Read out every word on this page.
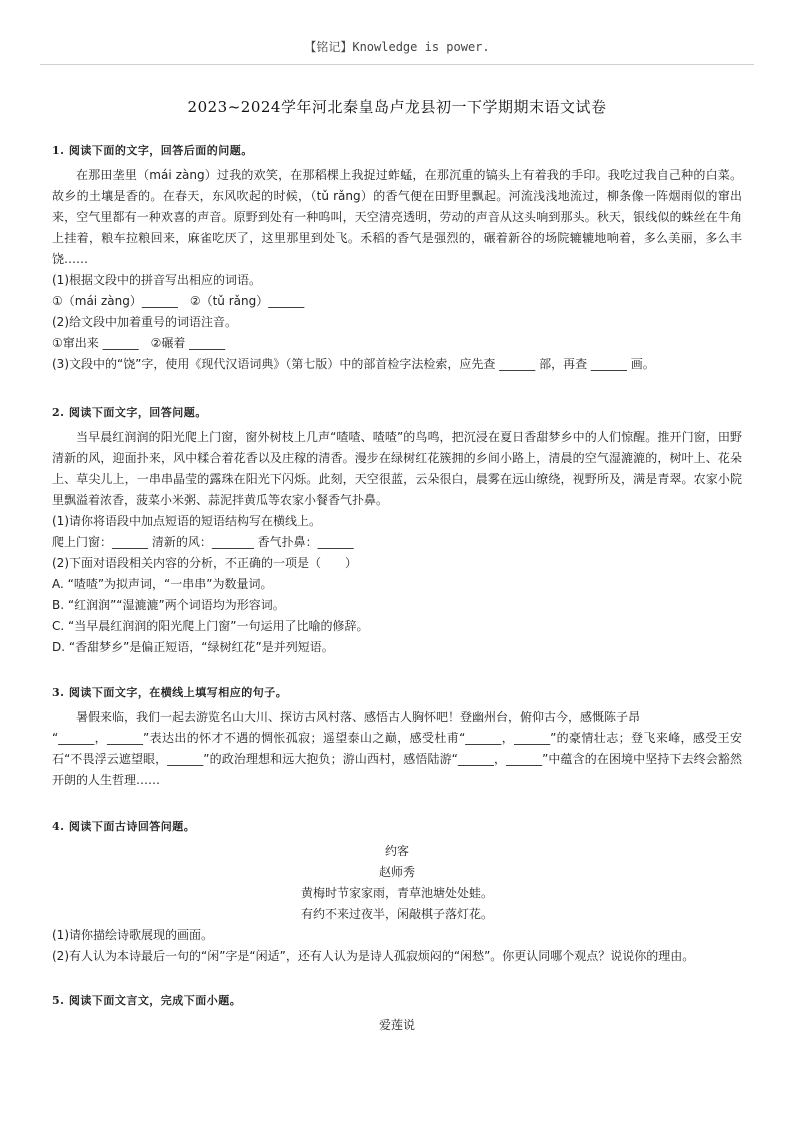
【铭记】Knowledge is power.
2023~2024学年河北秦皇岛卢龙县初一下学期期末语文试卷
1. 阅读下面的文字，回答后面的问题。
在那田垄里（mái zàng）过我的欢笑，在那稻棵上我捉过蚱蜢，在那沉重的镐头上有着我的手印。我吃过我自己种的白菜。故乡的土壤是香的。在春天，东风吹起的时候，（tǔ rǎng）的香气便在田野里飘起。河流浅浅地流过，柳条像一阵烟雨似的窜出来，空气里都有一种欢喜的声音。原野到处有一种呜叫，天空清亮透明，劳动的声音从这头响到那头。秋天，银线似的蛛丝在牛角上挂着，粮车拉粮回来，麻雀吃厌了，这里那里到处飞。禾稻的香气是强烈的，碾着新谷的场院辘辘地响着，多么美丽，多么丰饶……
(1)根据文段中的拼音写出相应的词语。
①（mái zàng）______　②（tǔ rǎng）______
(2)给文段中加着重号的词语注音。
①窜出来 ______　②碾着 ______
(3)文段中的“饶”字，使用《现代汉语词典》（第七版）中的部首检字法检索，应先查 ______ 部，再查 ______ 画。
2. 阅读下面文字，回答问题。
当早晨红润润的阳光爬上门窗，窗外树枝上几声“喳喳、喳喳”的鸟鸣，把沉浸在夏日香甜梦乡中的人们惊醒。推开门窗，田野清新的风，迎面扑来，风中糅合着花香以及庄稼的清香。漫步在绿树红花簇拥的乡间小路上，清晨的空气湿漉漉的，树叶上、花朵上、草尖儿上，一串串晶莹的露珠在阳光下闪烁。此刻，天空很蓝，云朵很白，晨雾在远山缭绕，视野所及，满是青翠。农家小院里飘溢着浓香，菠菜小米粥、蒜泥拌黄瓜等农家小餐香气扑鼻。
(1)请你将语段中加点短语的短语结构写在横线上。
爬上门窗：______ 清新的风：_______ 香气扑鼻：______
(2)下面对语段相关内容的分析，不正确的一项是（　　）
A. “喳喳”为拟声词，“一串串”为数量词。
B. “红润润”“湿漉漉”两个词语均为形容词。
C. “当早晨红润润的阳光爬上门窗”一句运用了比喻的修辞。
D. “香甜梦乡”是偏正短语，“绿树红花”是并列短语。
3. 阅读下面文字，在横线上填写相应的句子。
暑假来临，我们一起去游览名山大川、探访古风村落、感悟古人胸怀吧！登幽州台，俯仰古今，感慨陈子昂
“______，______”表达出的怀才不遇的惆怅孤寂；遥望泰山之巅，感受杜甫“______，______”的豪情壮志；登飞来峰，感受王安石“不畏浮云遮望眼，______”的政治理想和远大抱负；游山西村，感悟陆游“______，______”中蕴含的在困境中坚持下去终会豁然开朗的人生哲理……
4. 阅读下面古诗回答问题。
约客
赵师秀
黄梅时节家家雨，青草池塘处处蛙。
有约不来过夜半，闲敲棋子落灯花。
(1)请你描绘诗歌展现的画面。
(2)有人认为本诗最后一句的“闲”字是“闲适”，还有人认为是诗人孤寂烦闷的“闲愁”。你更认同哪个观点？说说你的理由。
5. 阅读下面文言文，完成下面小题。
爱莲说
